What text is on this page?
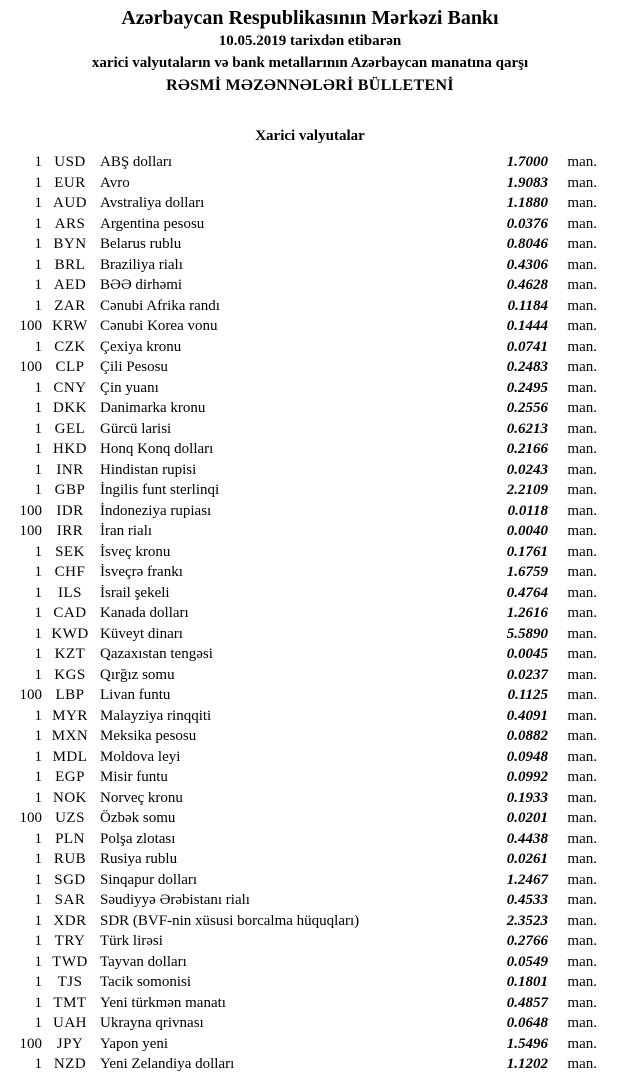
Azərbaycan Respublikasının Mərkəzi Bankı
10.05.2019 tarixdən etibarən
xarici valyutaların və bank metallarının Azərbaycan manatına qarşı
RƏSMİ MƏZƏNNƏLƏRİ BÜLLETENİ
Xarici valyutalar
1 USD ABŞ dolları	1.7000	man.
1 EUR Avro	1.9083	man.
1 AUD Avstraliya dolları	1.1880	man.
1 ARS Argentina pesosu	0.0376	man.
1 BYN Belarus rublu	0.8046	man.
1 BRL Braziliya rialı	0.4306	man.
1 AED BƏƏ dirhəmi	0.4628	man.
1 ZAR Cənubi Afrika randı	0.1184	man.
100 KRW Cənubi Korea vonu	0.1444	man.
1 CZK Çexiya kronu	0.0741	man.
100 CLP	Çili Pesosu	0.2483	man.
1 CNY Çin yuanı	0.2495	man.
1 DKK Danimarka kronu	0.2556	man.
1 GEL Gürcü larisi	0.6213	man.
1 HKD Honq Konq dolları	0.2166	man.
1 INR	Hindistan rupisi	0.0243	man.
1 GBP İngilis funt sterlinqi	2.2109	man.
100 IDR	İndoneziya rupiası	0.0118	man.
100 IRR	İran rialı	0.0040	man.
1 SEK	İsveç kronu	0.1761	man.
1 CHF İsveçrə frankı	1.6759	man.
1	ILS	İsrail şekeli	0.4764	man.
1 CAD Kanada dolları	1.2616	man.
1 KWD Küveyt dinarı	5.5890	man.
1 KZT Qazaxıstan tengəsi	0.0045	man.
1 KGS Qırğız somu	0.0237	man.
100 LBP	Livan funtu	0.1125	man.
1 MYR Malayziya rinqqiti	0.4091	man.
1 MXN Meksika pesosu	0.0882	man.
1 MDL Moldova leyi	0.0948	man.
1 EGP	Misir funtu	0.0992	man.
1 NOK Norveç kronu	0.1933	man.
100 UZS	Özbək somu	0.0201	man.
1 PLN	Polşa zlotası	0.4438	man.
1 RUB Rusiya rublu	0.0261	man.
1 SGD Sinqapur dolları	1.2467	man.
1 SAR Səudiyyə Ərəbistanı rialı	0.4533	man.
1 XDR SDR (BVF-nin xüsusi borcalma hüquqları)	2.3523	man.
1 TRY Türk lirəsi	0.2766	man.
1 TWD Tayvan dolları	0.0549	man.
1	TJS	Tacik somonisi	0.1801	man.
1 TMT Yeni türkmən manatı	0.4857	man.
1 UAH Ukrayna qrivnası	0.0648	man.
100 JPY	Yapon yeni	1.5496	man.
1 NZD Yeni Zelandiya dolları	1.1202	man.
